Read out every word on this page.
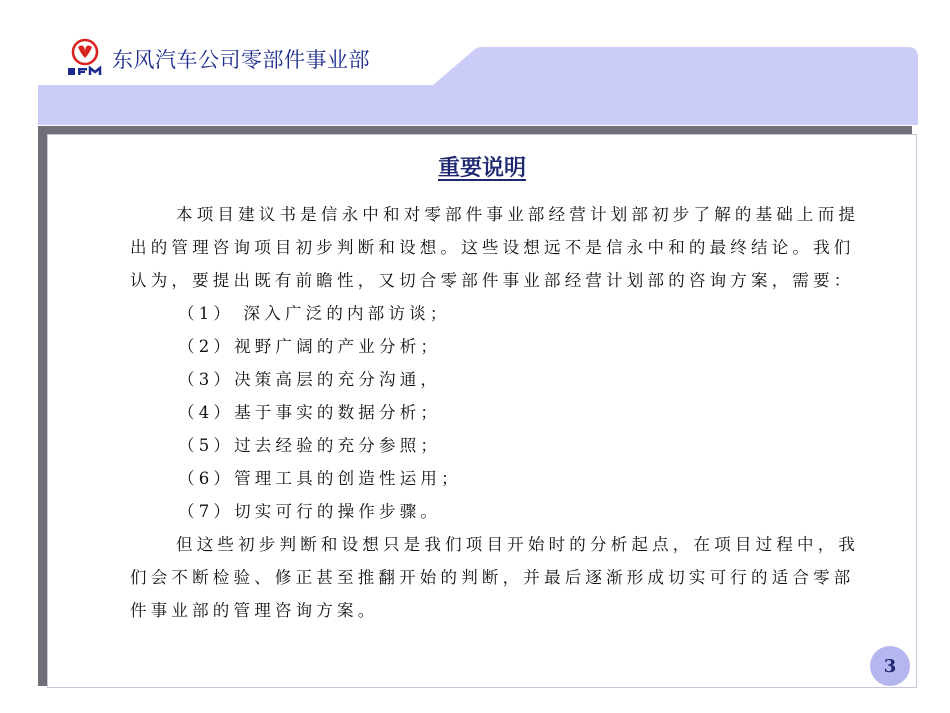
东风汽车公司零部件事业部
重要说明
本项目建议书是信永中和对零部件事业部经营计划部初步了解的基础上而提
出的管理咨询项目初步判断和设想。这些设想远不是信永中和的最终结论。我们
认为，要提出既有前瞻性，又切合零部件事业部经营计划部的咨询方案，需要：
（1） 深入广泛的内部访谈；
（2）视野广阔的产业分析；
（3）决策高层的充分沟通，
（4）基于事实的数据分析；
（5）过去经验的充分参照；
（6）管理工具的创造性运用；
（7）切实可行的操作步骤。
但这些初步判断和设想只是我们项目开始时的分析起点，在项目过程中，我
们会不断检验、修正甚至推翻开始的判断，并最后逐渐形成切实可行的适合零部
件事业部的管理咨询方案。
3
